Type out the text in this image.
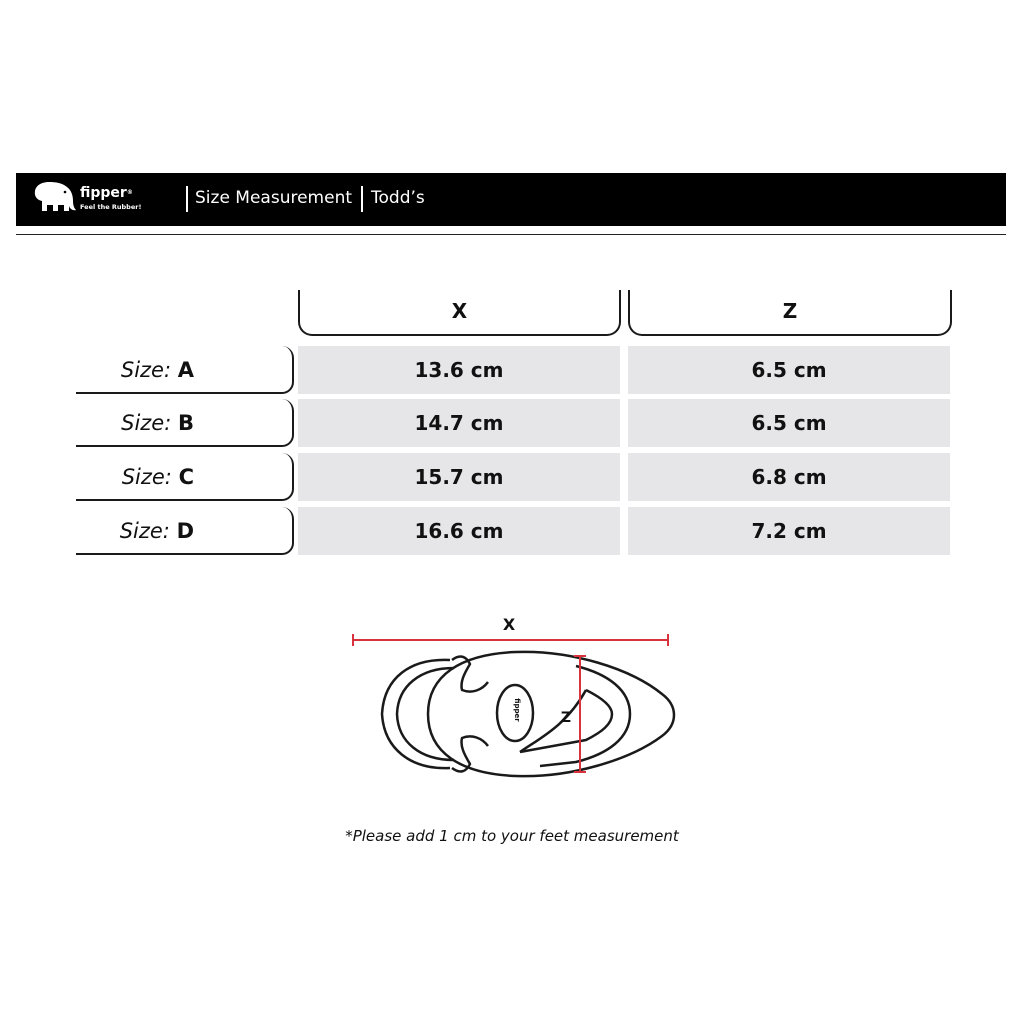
fipper®
Feel the Rubber!	Size Measurement Todd’s
X	Z
Size: A	13.6 cm	6.5 cm
Size: B	14.7 cm	6.5 cm
Size: C	15.7 cm	6.8 cm
Size: D	16.6 cm	7.2 cm
X
fipper	Z
*Please add 1 cm to your feet measurement
